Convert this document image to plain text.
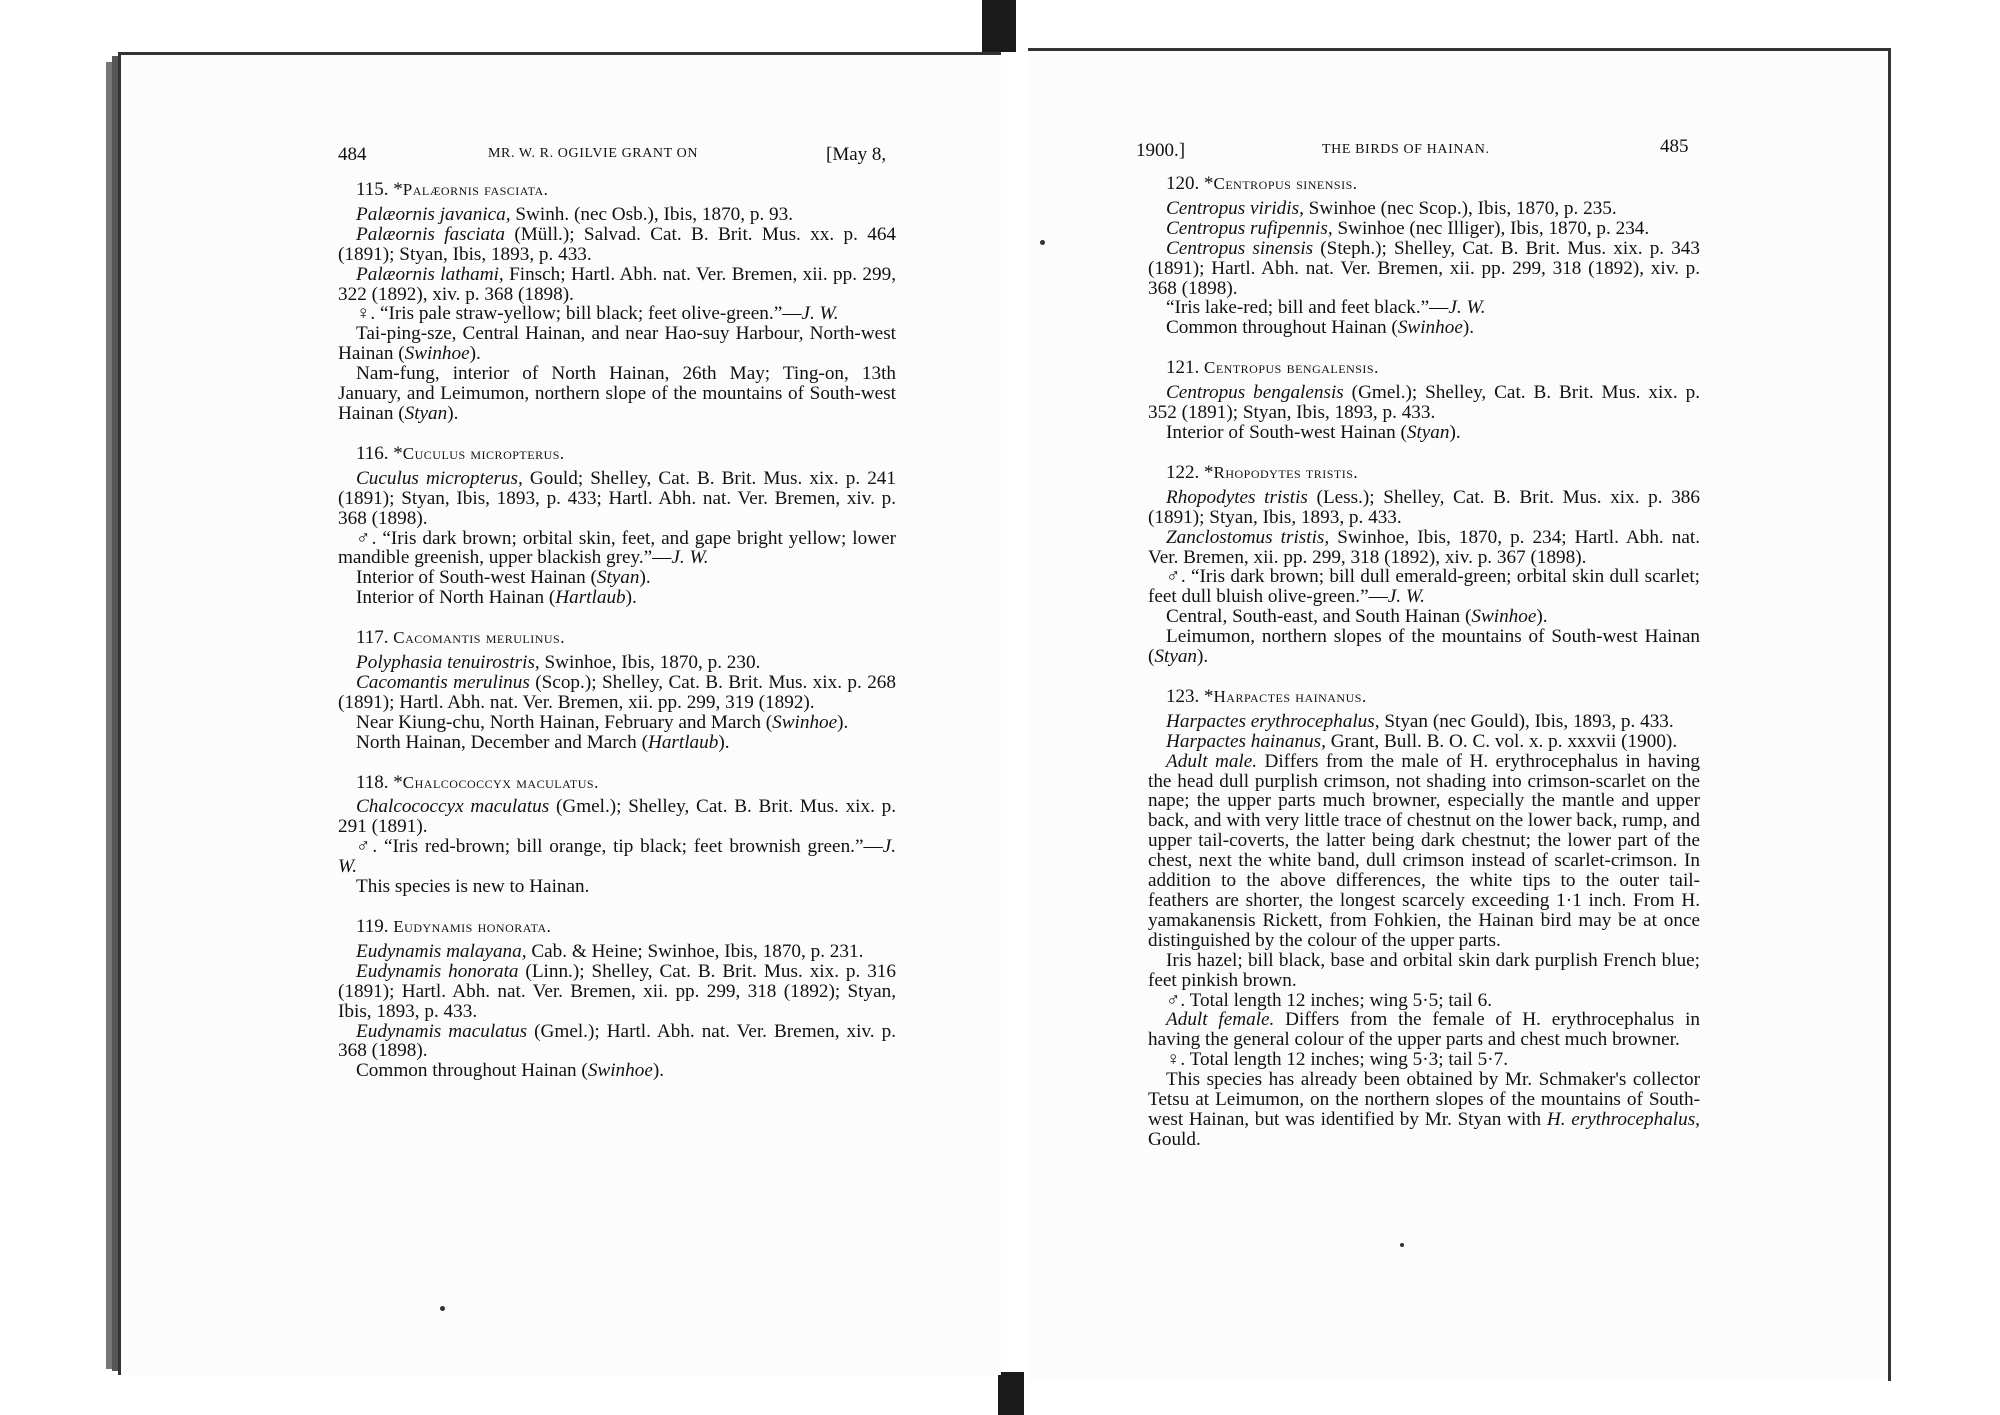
484	MR. W. R. OGILVIE GRANT ON	[May 8,	1900.]	THE BIRDS OF HAINAN.	485

115. *Palæornis fasciata.

Palæornis javanica, Swinh. (nec Osb.), Ibis, 1870, p. 93.

Palæornis fasciata (Müll.); Salvad. Cat. B. Brit. Mus. xx. p. 464 (1891); Styan, Ibis, 1893, p. 433.

Palæornis lathami, Finsch; Hartl. Abh. nat. Ver. Bremen, xii. pp. 299, 322 (1892), xiv. p. 368 (1898).

♀. “Iris pale straw-yellow; bill black; feet olive-green.”—J. W.

Tai-ping-sze, Central Hainan, and near Hao-suy Harbour, North-west Hainan (Swinhoe).

Nam-fung, interior of North Hainan, 26th May; Ting-on, 13th January, and Leimumon, northern slope of the mountains of South-west Hainan (Styan).

116. *Cuculus micropterus.

Cuculus micropterus, Gould; Shelley, Cat. B. Brit. Mus. xix. p. 241 (1891); Styan, Ibis, 1893, p. 433; Hartl. Abh. nat. Ver. Bremen, xiv. p. 368 (1898).

♂. “Iris dark brown; orbital skin, feet, and gape bright yellow; lower mandible greenish, upper blackish grey.”—J. W.

Interior of South-west Hainan (Styan).

Interior of North Hainan (Hartlaub).

117. Cacomantis merulinus.

Polyphasia tenuirostris, Swinhoe, Ibis, 1870, p. 230.

Cacomantis merulinus (Scop.); Shelley, Cat. B. Brit. Mus. xix. p. 268 (1891); Hartl. Abh. nat. Ver. Bremen, xii. pp. 299, 319 (1892).

Near Kiung-chu, North Hainan, February and March (Swinhoe).

North Hainan, December and March (Hartlaub).

118. *Chalcococcyx maculatus.

Chalcococcyx maculatus (Gmel.); Shelley, Cat. B. Brit. Mus. xix. p. 291 (1891).

♂. “Iris red-brown; bill orange, tip black; feet brownish green.”—J. W.

This species is new to Hainan.

119. Eudynamis honorata.

Eudynamis malayana, Cab. & Heine; Swinhoe, Ibis, 1870, p. 231.

Eudynamis honorata (Linn.); Shelley, Cat. B. Brit. Mus. xix. p. 316 (1891); Hartl. Abh. nat. Ver. Bremen, xii. pp. 299, 318 (1892); Styan, Ibis, 1893, p. 433.

Eudynamis maculatus (Gmel.); Hartl. Abh. nat. Ver. Bremen, xiv. p. 368 (1898).

Common throughout Hainan (Swinhoe).

120. *Centropus sinensis.

Centropus viridis, Swinhoe (nec Scop.), Ibis, 1870, p. 235.

Centropus rufipennis, Swinhoe (nec Illiger), Ibis, 1870, p. 234.

Centropus sinensis (Steph.); Shelley, Cat. B. Brit. Mus. xix. p. 343 (1891); Hartl. Abh. nat. Ver. Bremen, xii. pp. 299, 318 (1892), xiv. p. 368 (1898).

“Iris lake-red; bill and feet black.”—J. W.

Common throughout Hainan (Swinhoe).

121. Centropus bengalensis.

Centropus bengalensis (Gmel.); Shelley, Cat. B. Brit. Mus. xix. p. 352 (1891); Styan, Ibis, 1893, p. 433.

Interior of South-west Hainan (Styan).

122. *Rhopodytes tristis.

Rhopodytes tristis (Less.); Shelley, Cat. B. Brit. Mus. xix. p. 386 (1891); Styan, Ibis, 1893, p. 433.

Zanclostomus tristis, Swinhoe, Ibis, 1870, p. 234; Hartl. Abh. nat. Ver. Bremen, xii. pp. 299, 318 (1892), xiv. p. 367 (1898).

♂. “Iris dark brown; bill dull emerald-green; orbital skin dull scarlet; feet dull bluish olive-green.”—J. W.

Central, South-east, and South Hainan (Swinhoe).

Leimumon, northern slopes of the mountains of South-west Hainan (Styan).

123. *Harpactes hainanus.

Harpactes erythrocephalus, Styan (nec Gould), Ibis, 1893, p. 433.

Harpactes hainanus, Grant, Bull. B. O. C. vol. x. p. xxxvii (1900).

Adult male. Differs from the male of H. erythrocephalus in having the head dull purplish crimson, not shading into crimson-scarlet on the nape; the upper parts much browner, especially the mantle and upper back, and with very little trace of chestnut on the lower back, rump, and upper tail-coverts, the latter being dark chestnut; the lower part of the chest, next the white band, dull crimson instead of scarlet-crimson. In addition to the above differences, the white tips to the outer tail-feathers are shorter, the longest scarcely exceeding 1·1 inch. From H. yamakanensis Rickett, from Fohkien, the Hainan bird may be at once distinguished by the colour of the upper parts.

Iris hazel; bill black, base and orbital skin dark purplish French blue; feet pinkish brown.

♂. Total length 12 inches; wing 5·5; tail 6.

Adult female. Differs from the female of H. erythrocephalus in having the general colour of the upper parts and chest much browner.

♀. Total length 12 inches; wing 5·3; tail 5·7.

This species has already been obtained by Mr. Schmaker's collector Tetsu at Leimumon, on the northern slopes of the mountains of South-west Hainan, but was identified by Mr. Styan with H. erythrocephalus, Gould.
